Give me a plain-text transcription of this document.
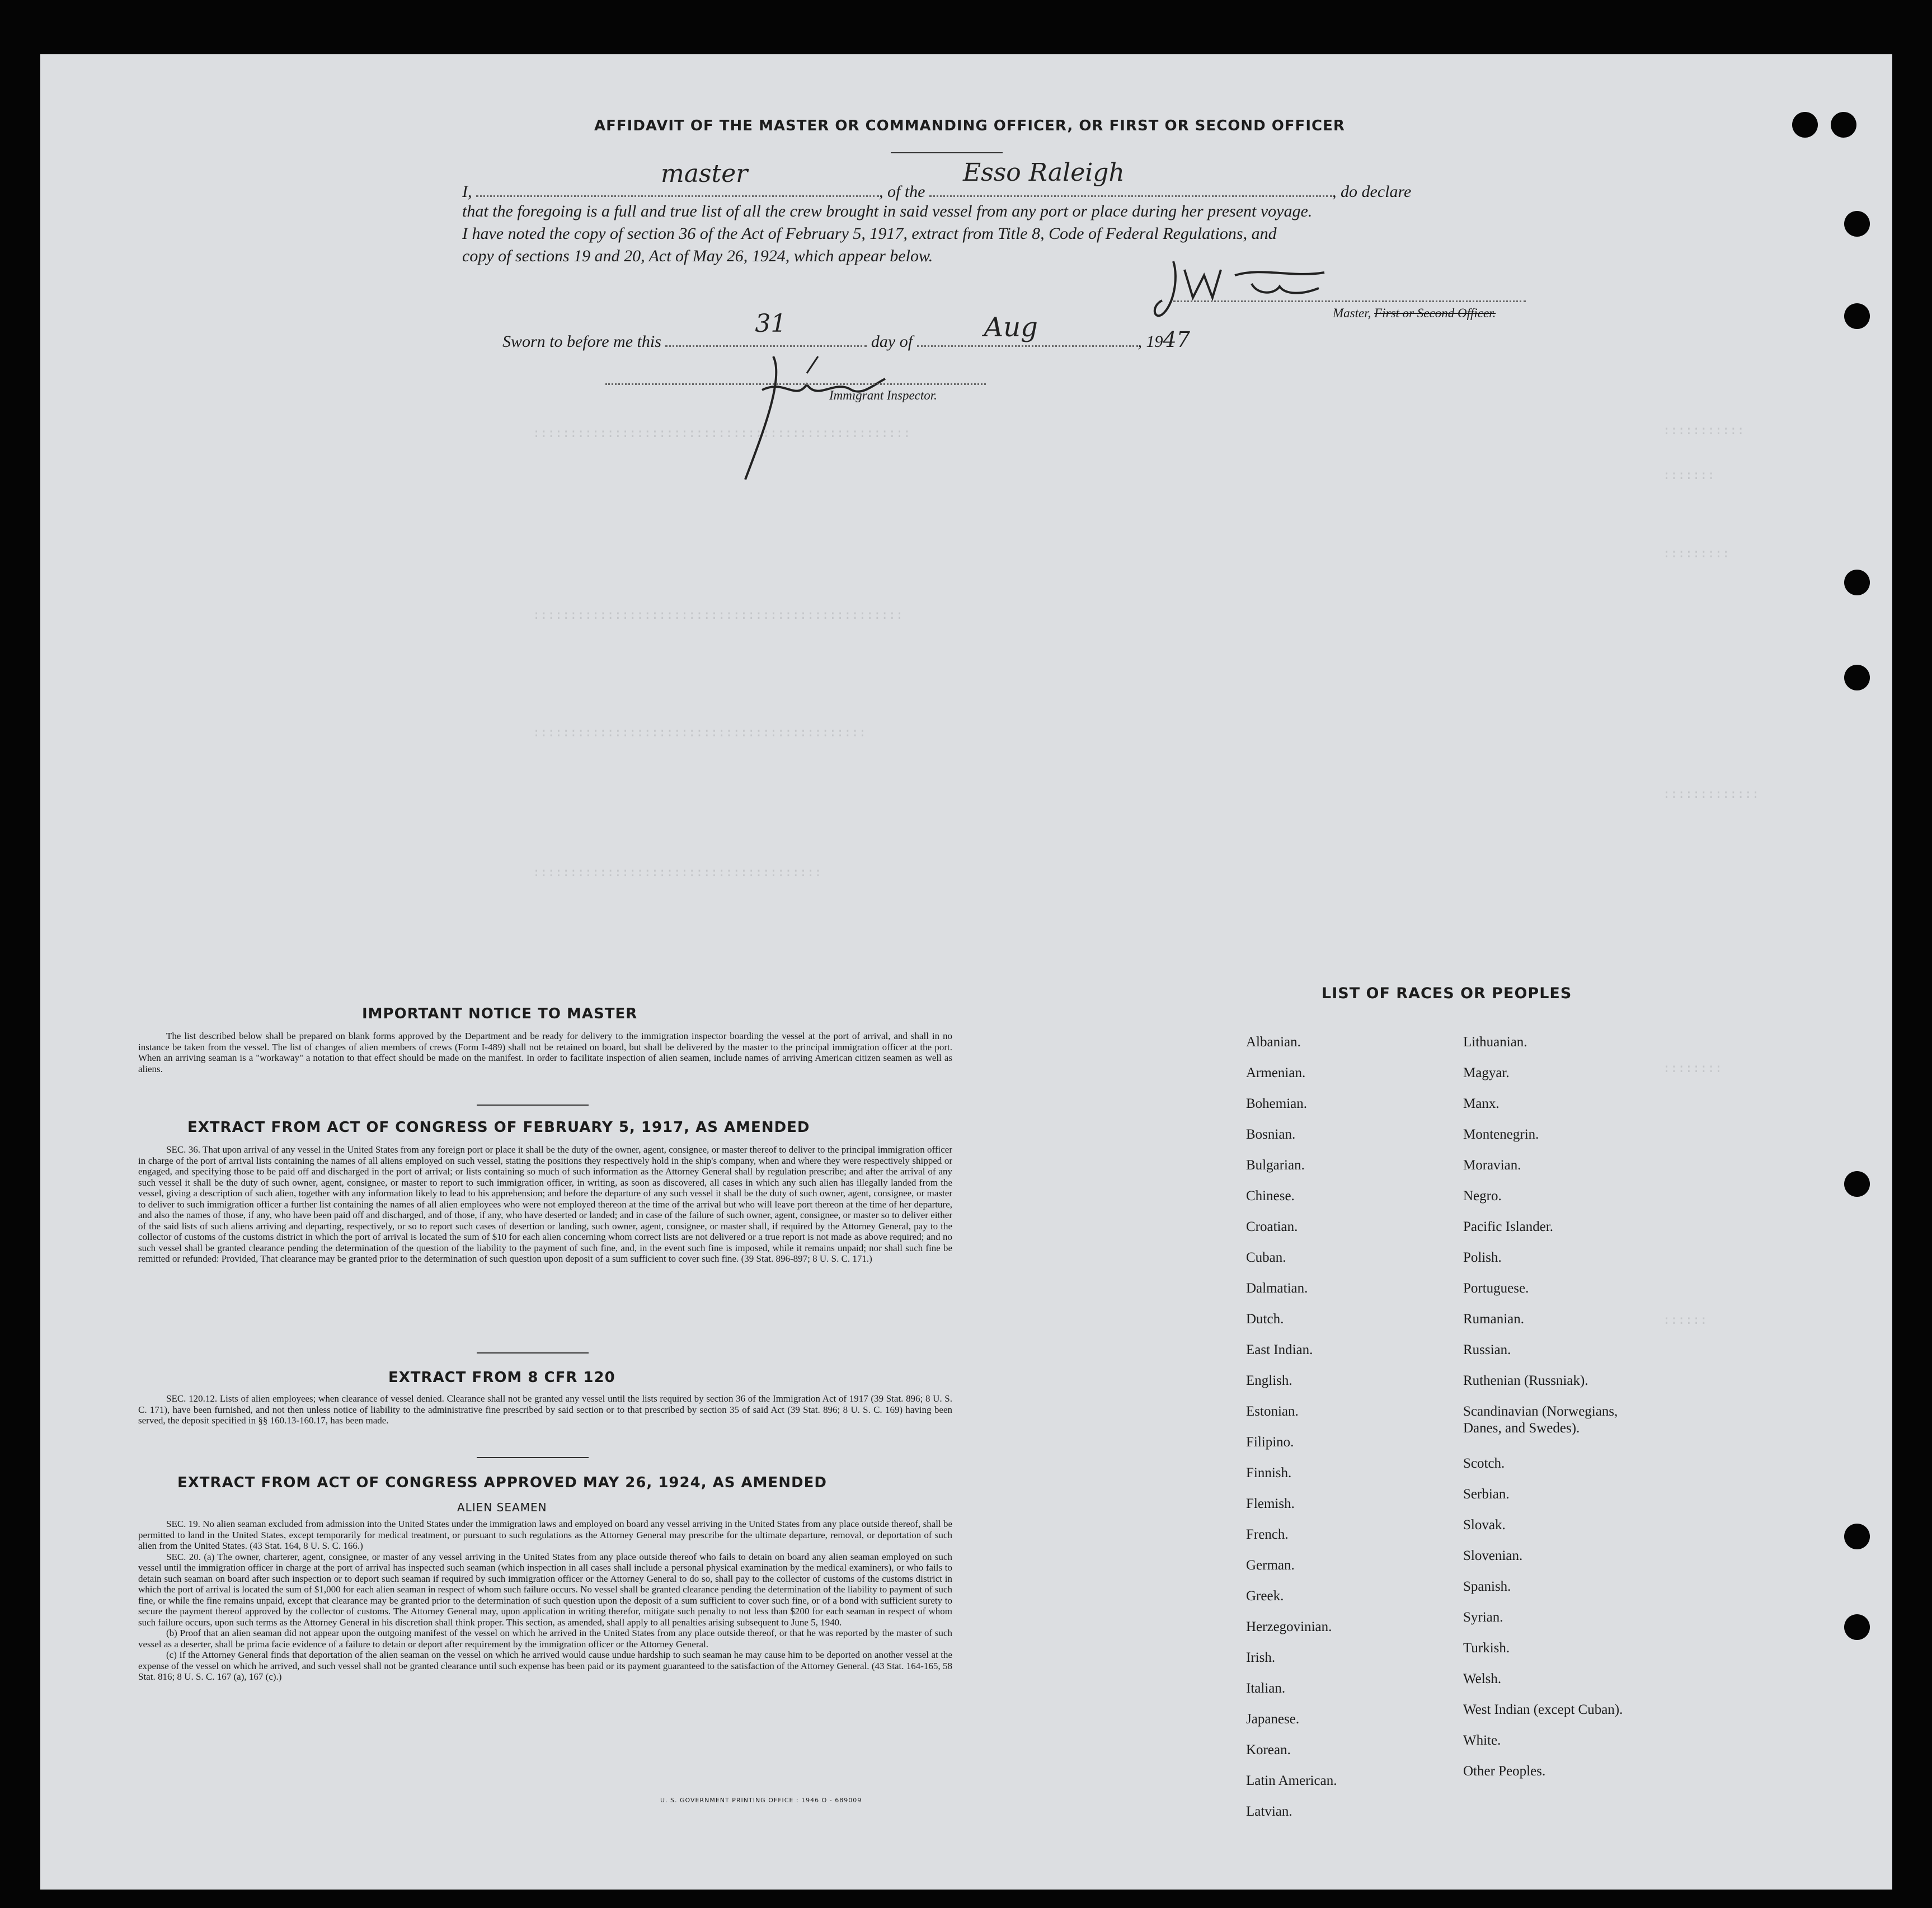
:::::::::::::::::::::::::::::::::::::::::::::::::::	:::::::::::
:::::::
:::::::::
::::::::::::::::::::::::::::::::::::::::::::::::::
:::::::::::::::::::::::::::::::::::::::::::::
:::::::::::::
:::::::::::::::::::::::::::::::::::::::
::::::::
::::::
AFFIDAVIT OF THE MASTER OR COMMANDING OFFICER, OR FIRST OR SECOND OFFICER
I,
master
, of the
Esso Raleigh
, do declare
that the foregoing is a full and true list of all the crew brought in said vessel from any port or place during her present voyage.
I have noted the copy of section 36 of the Act of February 5, 1917, extract from Title 8, Code of Federal Regulations, and
copy of sections 19 and 20, Act of May 26, 1924, which appear below.
Master, First or Second Officer.
Sworn to before me this
31
day of	Aug	, 1947
Immigrant Inspector.
IMPORTANT NOTICE TO MASTER

The list described below shall be prepared on blank forms approved by the Department and be ready for delivery to the immigration inspector boarding the vessel at the port of arrival, and shall in no instance be taken from the vessel. The list of changes of alien members of crews (Form I-489) shall not be retained on board, but shall be delivered by the master to the principal immigration officer at the port. When an arriving seaman is a "workaway" a notation to that effect should be made on the manifest. In order to facilitate inspection of alien seamen, include names of arriving American citizen seamen as well as aliens.

EXTRACT FROM ACT OF CONGRESS OF FEBRUARY 5, 1917, AS AMENDED

SEC. 36. That upon arrival of any vessel in the United States from any foreign port or place it shall be the duty of the owner, agent, consignee, or master thereof to deliver to the principal immigration officer in charge of the port of arrival lists containing the names of all aliens employed on such vessel, stating the positions they respectively hold in the ship's company, when and where they were respectively shipped or engaged, and specifying those to be paid off and discharged in the port of arrival; or lists containing so much of such information as the Attorney General shall by regulation prescribe; and after the arrival of any such vessel it shall be the duty of such owner, agent, consignee, or master to report to such immigration officer, in writing, as soon as discovered, all cases in which any such alien has illegally landed from the vessel, giving a description of such alien, together with any information likely to lead to his apprehension; and before the departure of any such vessel it shall be the duty of such owner, agent, consignee, or master to deliver to such immigration officer a further list containing the names of all alien employees who were not employed thereon at the time of the arrival but who will leave port thereon at the time of her departure, and also the names of those, if any, who have been paid off and discharged, and of those, if any, who have deserted or landed; and in case of the failure of such owner, agent, consignee, or master so to deliver either of the said lists of such aliens arriving and departing, respectively, or so to report such cases of desertion or landing, such owner, agent, consignee, or master shall, if required by the Attorney General, pay to the collector of customs of the customs district in which the port of arrival is located the sum of $10 for each alien concerning whom correct lists are not delivered or a true report is not made as above required; and no such vessel shall be granted clearance pending the determination of the question of the liability to the payment of such fine, and, in the event such fine is imposed, while it remains unpaid; nor shall such fine be remitted or refunded: Provided, That clearance may be granted prior to the determination of such question upon deposit of a sum sufficient to cover such fine. (39 Stat. 896-897; 8 U. S. C. 171.)

EXTRACT FROM 8 CFR 120

SEC. 120.12. Lists of alien employees; when clearance of vessel denied. Clearance shall not be granted any vessel until the lists required by section 36 of the Immigration Act of 1917 (39 Stat. 896; 8 U. S. C. 171), have been furnished, and not then unless notice of liability to the administrative fine prescribed by said section or to that prescribed by section 35 of said Act (39 Stat. 896; 8 U. S. C. 169) having been served, the deposit specified in §§ 160.13-160.17, has been made.

EXTRACT FROM ACT OF CONGRESS APPROVED MAY 26, 1924, AS AMENDED
ALIEN SEAMEN

SEC. 19. No alien seaman excluded from admission into the United States under the immigration laws and employed on board any vessel arriving in the United States from any place outside thereof, shall be permitted to land in the United States, except temporarily for medical treatment, or pursuant to such regulations as the Attorney General may prescribe for the ultimate departure, removal, or deportation of such alien from the United States. (43 Stat. 164, 8 U. S. C. 166.)

SEC. 20. (a) The owner, charterer, agent, consignee, or master of any vessel arriving in the United States from any place outside thereof who fails to detain on board any alien seaman employed on such vessel until the immigration officer in charge at the port of arrival has inspected such seaman (which inspection in all cases shall include a personal physical examination by the medical examiners), or who fails to detain such seaman on board after such inspection or to deport such seaman if required by such immigration officer or the Attorney General to do so, shall pay to the collector of customs of the customs district in which the port of arrival is located the sum of $1,000 for each alien seaman in respect of whom such failure occurs. No vessel shall be granted clearance pending the determination of the liability to payment of such fine, or while the fine remains unpaid, except that clearance may be granted prior to the determination of such question upon the deposit of a sum sufficient to cover such fine, or of a bond with sufficient surety to secure the payment thereof approved by the collector of customs. The Attorney General may, upon application in writing therefor, mitigate such penalty to not less than $200 for each seaman in respect of whom such failure occurs, upon such terms as the Attorney General in his discretion shall think proper. This section, as amended, shall apply to all penalties arising subsequent to June 5, 1940.

(b) Proof that an alien seaman did not appear upon the outgoing manifest of the vessel on which he arrived in the United States from any place outside thereof, or that he was reported by the master of such vessel as a deserter, shall be prima facie evidence of a failure to detain or deport after requirement by the immigration officer or the Attorney General.

(c) If the Attorney General finds that deportation of the alien seaman on the vessel on which he arrived would cause undue hardship to such seaman he may cause him to be deported on another vessel at the expense of the vessel on which he arrived, and such vessel shall not be granted clearance until such expense has been paid or its payment guaranteed to the satisfaction of the Attorney General. (43 Stat. 164-165, 58 Stat. 816; 8 U. S. C. 167 (a), 167 (c).)

U. S. GOVERNMENT PRINTING OFFICE : 1946 O - 689009
LIST OF RACES OR PEOPLES
Albanian.
Armenian.
Bohemian.
Bosnian.
Bulgarian.
Chinese.
Croatian.
Cuban.
Dalmatian.
Dutch.
East Indian.
English.
Estonian.
Filipino.
Finnish.
Flemish.
French.
German.
Greek.
Herzegovinian.
Irish.
Italian.
Japanese.
Korean.
Latin American.
Latvian.
Lithuanian.
Magyar.
Manx.
Montenegrin.
Moravian.
Negro.
Pacific Islander.
Polish.
Portuguese.
Rumanian.
Russian.
Ruthenian (Russniak).
Scandinavian (Norwegians,
Danes, and Swedes).
Scotch.
Serbian.
Slovak.
Slovenian.
Spanish.
Syrian.
Turkish.
Welsh.
West Indian (except Cuban).
White.
Other Peoples.
